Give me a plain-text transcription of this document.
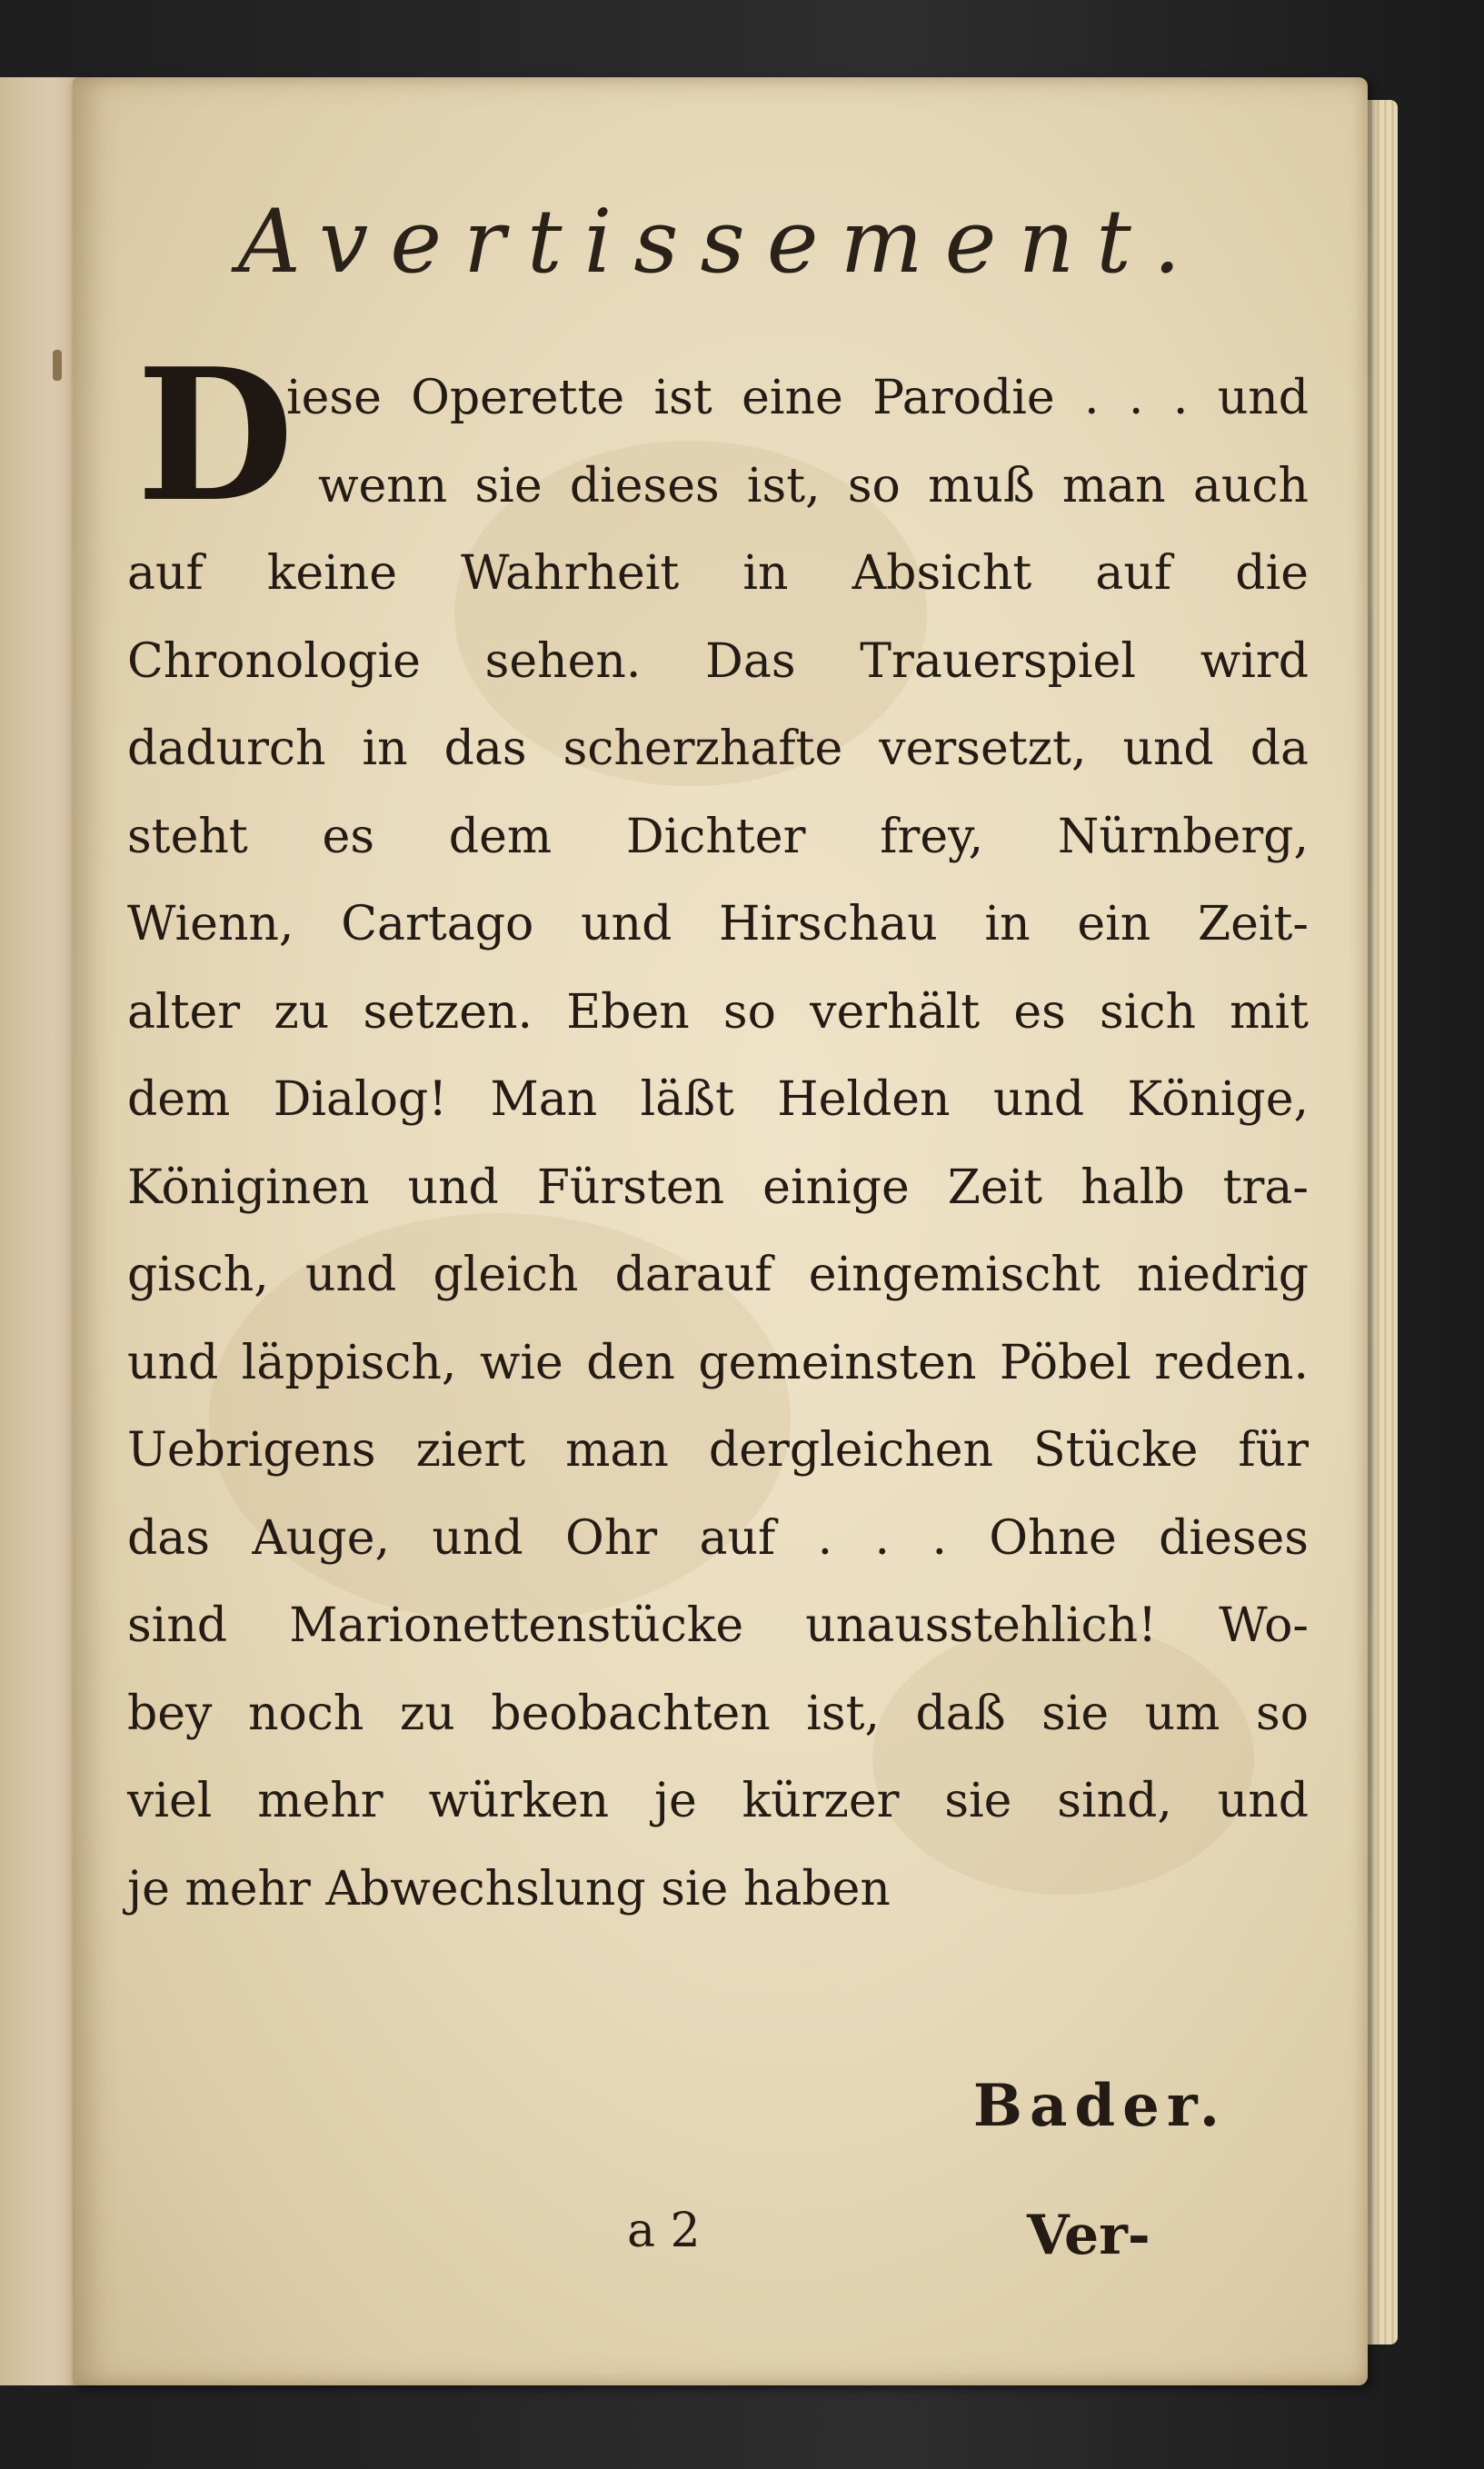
Avertissement.
D
iese Operette ist eine Parodie . . . und
wenn sie dieses ist, so muß man auch
auf keine Wahrheit in Absicht auf die
Chronologie sehen. Das Trauerspiel wird
dadurch in das scherzhafte versetzt, und da
steht es dem Dichter frey, Nürnberg,
Wienn, Cartago und Hirschau in ein Zeit-
alter zu setzen. Eben so verhält es sich mit
dem Dialog! Man läßt Helden und Könige,
Königinen und Fürsten einige Zeit halb tra-
gisch, und gleich darauf eingemischt niedrig
und läppisch, wie den gemeinsten Pöbel reden.
Uebrigens ziert man dergleichen Stücke für
das Auge, und Ohr auf . . . Ohne dieses
sind Marionettenstücke unausstehlich! Wo-
bey noch zu beobachten ist, daß sie um so
viel mehr würken je kürzer sie sind, und
je mehr Abwechslung sie haben
Bader.
a 2	Ver-
